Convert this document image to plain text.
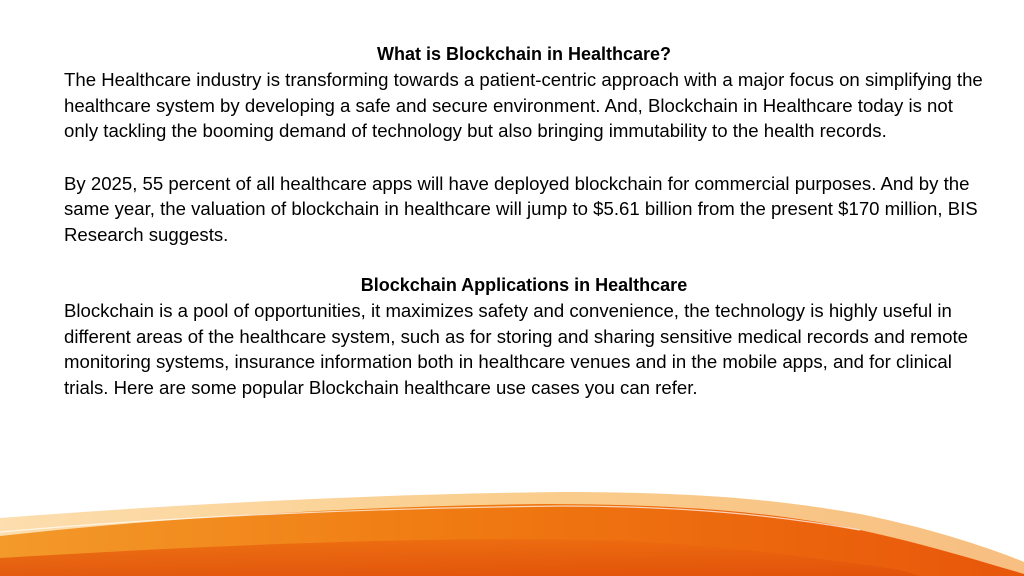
What is Blockchain in Healthcare?

The Healthcare industry is transforming towards a patient-centric approach with a major focus on simplifying the healthcare system by developing a safe and secure environment. And, Blockchain in Healthcare today is not only tackling the booming demand of technology but also bringing immutability to the health records.

By 2025, 55 percent of all healthcare apps will have deployed blockchain for commercial purposes. And by the same year, the valuation of blockchain in healthcare will jump to $5.61 billion from the present $170 million, BIS Research suggests.

Blockchain Applications in Healthcare

Blockchain is a pool of opportunities, it maximizes safety and convenience, the technology is highly useful in different areas of the healthcare system, such as for storing and sharing sensitive medical records and remote monitoring systems, insurance information both in healthcare venues and in the mobile apps, and for clinical trials. Here are some popular Blockchain healthcare use cases you can refer.
